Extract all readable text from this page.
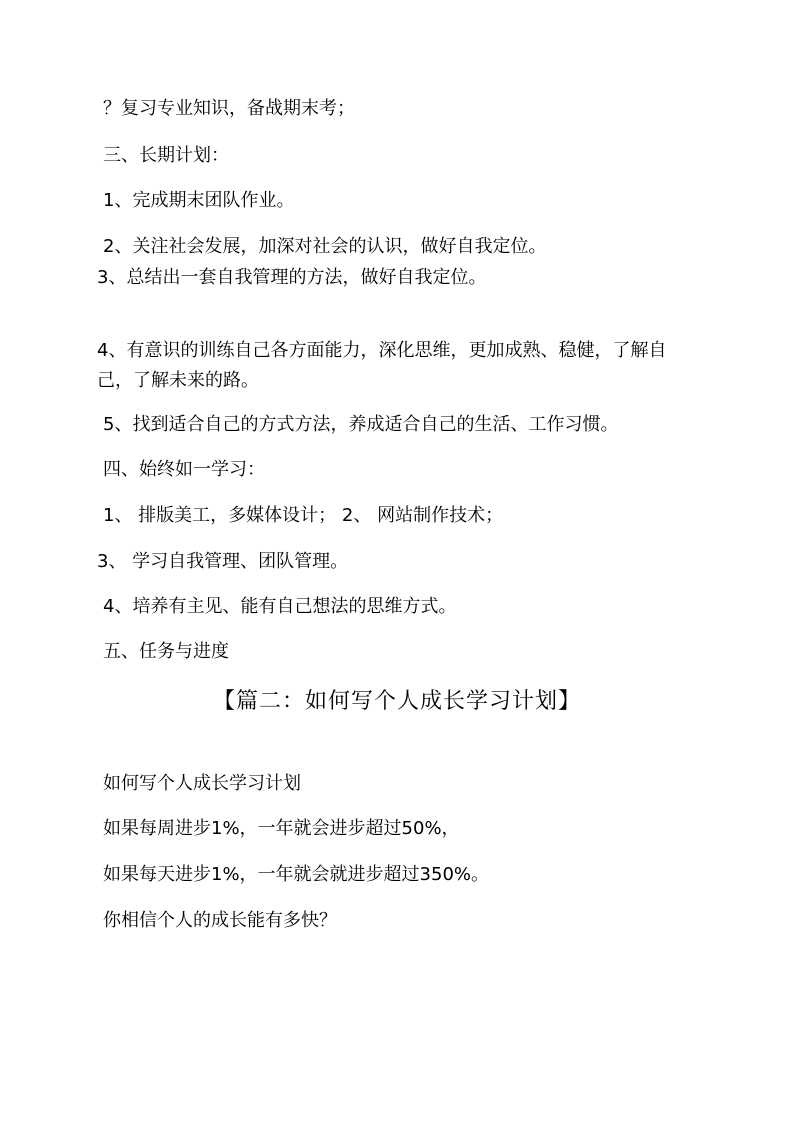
？复习专业知识，备战期末考；
三、长期计划：
1、完成期末团队作业。
2、关注社会发展，加深对社会的认识，做好自我定位。
3、总结出一套自我管理的方法，做好自我定位。
4、有意识的训练自己各方面能力，深化思维，更加成熟、稳健，了解自己，了解未来的路。
5、找到适合自己的方式方法，养成适合自己的生活、工作习惯。
四、始终如一学习：
1、 排版美工，多媒体设计； 2、 网站制作技术；
3、 学习自我管理、团队管理。
4、培养有主见、能有自己想法的思维方式。
五、任务与进度
【篇二：如何写个人成长学习计划】
如何写个人成长学习计划
如果每周进步1%，一年就会进步超过50%，
如果每天进步1%，一年就会就进步超过350%。
你相信个人的成长能有多快？
